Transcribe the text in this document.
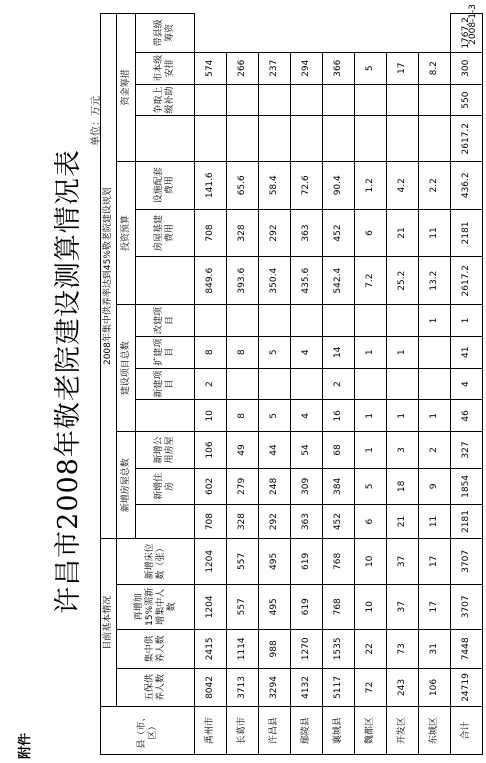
附件
许昌市2008年敬老院建设测算情况表
单位：万元
县（市、区）	目前基本情况				2008年集中供养率达到45%敬老院建设规划													
	五保供养人数	集中供养人数	再增加15%需新增集中人数	新增床位数（张）	新增房屋总数			建设项目总数				投资预算			资金筹措			
						新增住房	新增公用房屋		新建项目	扩建项目	改建项目		房屋基建费用	设施配套费用		争取上级补助	市本级安排	带县级筹资
禹州市	8042	2415	1204	1204	708	602	106	10	2	8		849.6	708	141.6			574	
长葛市	3713	1114	557	557	328	279	49	8		8		393.6	328	65.6			266	
许昌县	3294	988	495	495	292	248	44	5		5		350.4	292	58.4			237	
鄢陵县	4132	1270	619	619	363	309	54	4		4		435.6	363	72.6			294	
襄城县	5117	1535	768	768	452	384	68	16	2	14		542.4	452	90.4			366	
魏都区	72	22	10	10	6	5	1	1		1		7.2	6	1.2			5	
开发区	243	73	37	37	21	18	3	1		1		25.2	21	4.2			17	
东城区	106	31	17	17	11	9	2	1			1	13.2	11	2.2			8.2	
合计	24719	7448	3707	3707	2181	1854	327	46	4	41	1	2617.2	2181	436.2	2617.2	550	300	1767.2
2008-1-3
